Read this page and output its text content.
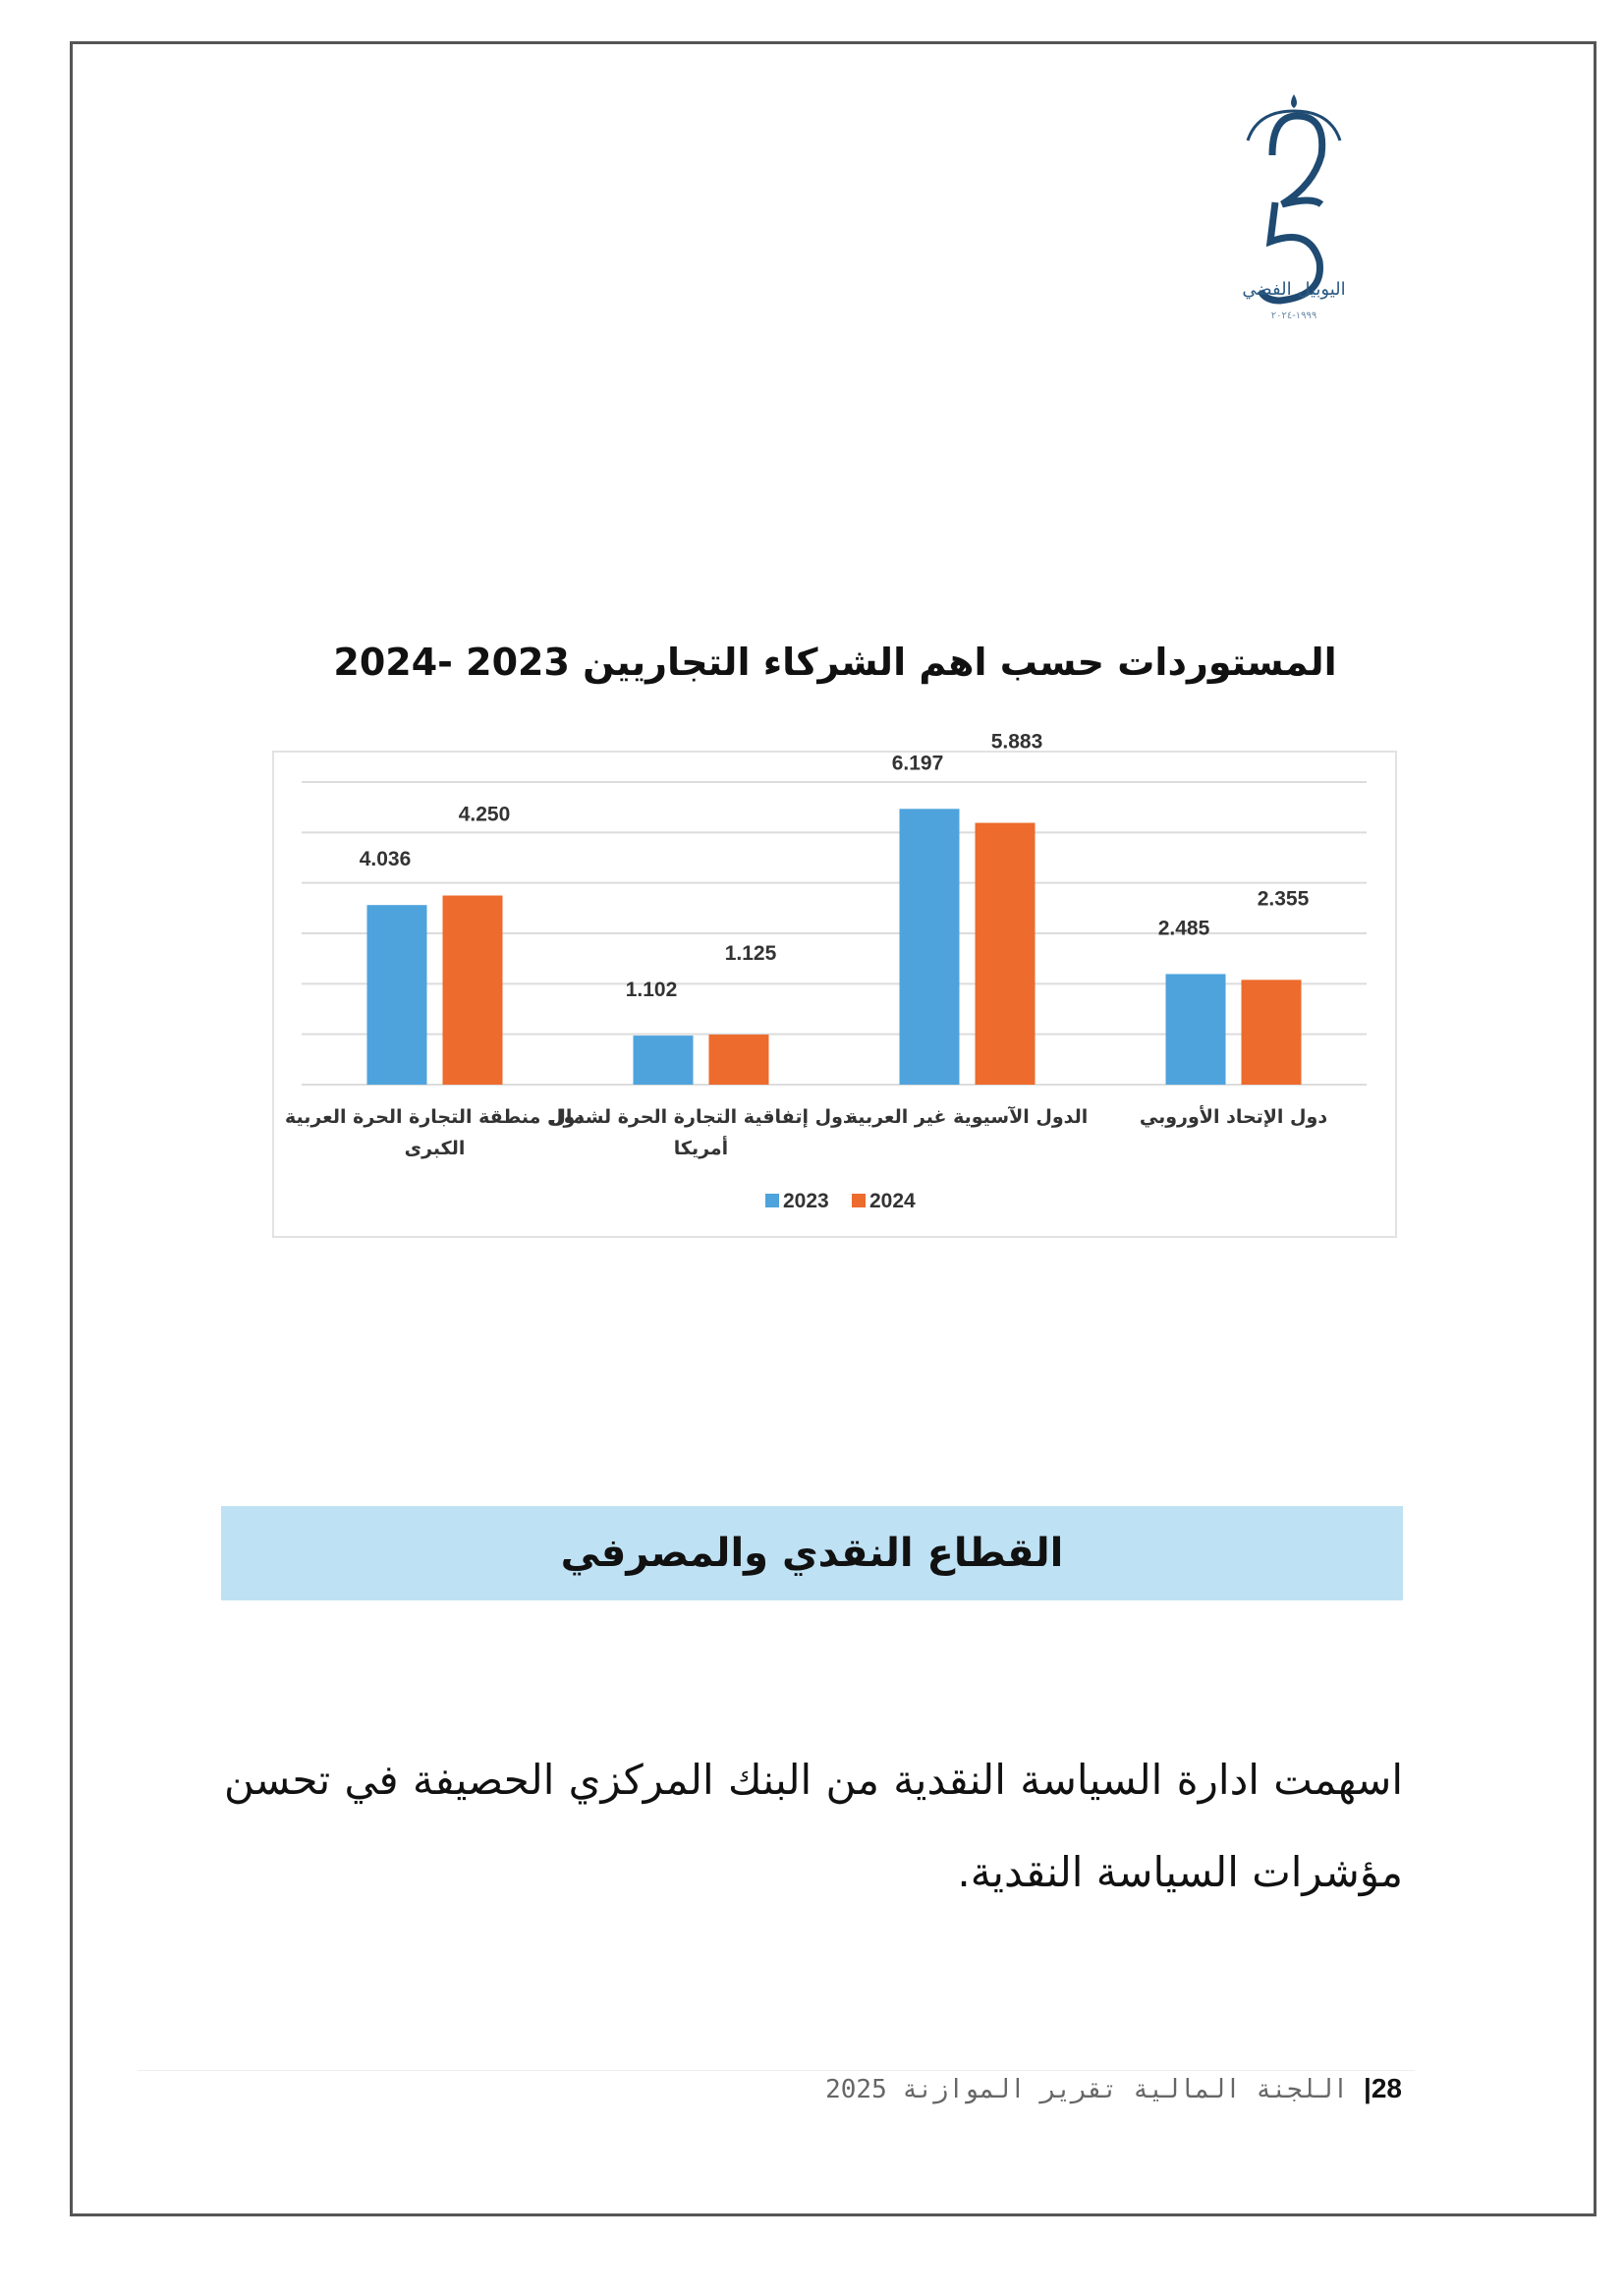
اليوبيل الفضي
١٩٩٩-٢٠٢٤
المستوردات حسب اهم الشركاء التجاريين 2023 -2024
4.036
4.250
دول منطقة التجارة الحرة العربية
الكبرى
1.102
1.125
دول إتفاقية التجارة الحرة لشمال
أمريكا
6.197
5.883
الدول الآسيوية غير العربية
2.485
2.355
دول الإتحاد الأوروبي
2023 2024
القطاع النقدي والمصرفي
اسهمت ادارة السياسة النقدية من البنك المركزي الحصيفة في تحسن مؤشرات السياسة النقدية.
28| اللجنة المالية تقرير الموازنة 2025
